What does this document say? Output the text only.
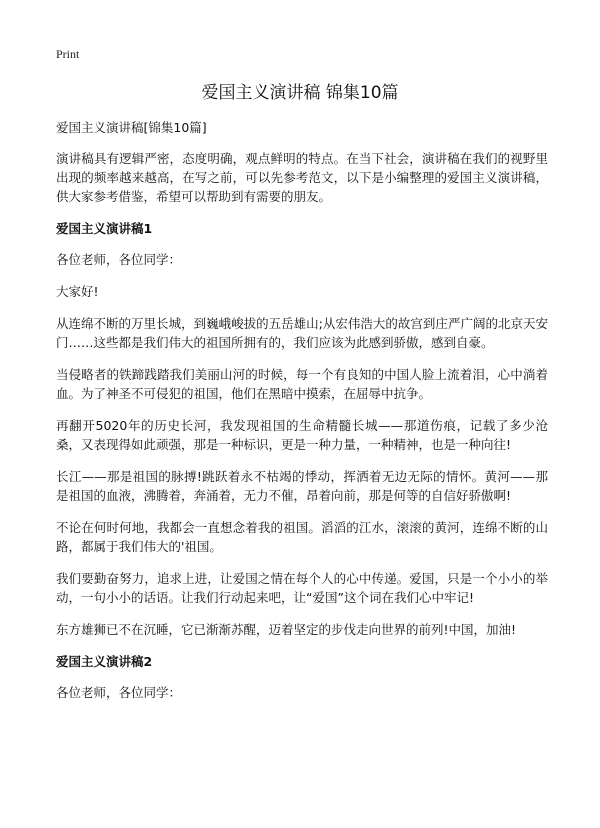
Print
爱国主义演讲稿 锦集10篇

爱国主义演讲稿[锦集10篇]

演讲稿具有逻辑严密，态度明确，观点鲜明的特点。在当下社会，演讲稿在我们的视野里出现的频率越来越高，在写之前，可以先参考范文，以下是小编整理的爱国主义演讲稿，供大家参考借鉴，希望可以帮助到有需要的朋友。

爱国主义演讲稿1

各位老师，各位同学：

大家好!

从连绵不断的万里长城，到巍峨峻拔的五岳雄山;从宏伟浩大的故宫到庄严广阔的北京天安门……这些都是我们伟大的祖国所拥有的，我们应该为此感到骄傲，感到自豪。

当侵略者的铁蹄践踏我们美丽山河的时候，每一个有良知的中国人脸上流着泪，心中淌着血。为了神圣不可侵犯的祖国，他们在黑暗中摸索，在屈辱中抗争。

再翻开5020年的历史长河，我发现祖国的生命精髓长城——那道伤痕，记载了多少沧桑，又表现得如此顽强，那是一种标识，更是一种力量，一种精神，也是一种向往!

长江——那是祖国的脉搏!跳跃着永不枯竭的悸动，挥洒着无边无际的情怀。黄河——那是祖国的血液，沸腾着，奔涌着，无力不催，昂着向前，那是何等的自信好骄傲啊!

不论在何时何地，我都会一直想念着我的祖国。滔滔的江水，滚滚的黄河，连绵不断的山路，都属于我们伟大的'祖国。

我们要勤奋努力，追求上进，让爱国之情在每个人的心中传递。爱国，只是一个小小的举动，一句小小的话语。让我们行动起来吧，让“爱国”这个词在我们心中牢记!

东方雄狮已不在沉睡，它已渐渐苏醒，迈着坚定的步伐走向世界的前列!中国，加油!

爱国主义演讲稿2

各位老师，各位同学：
